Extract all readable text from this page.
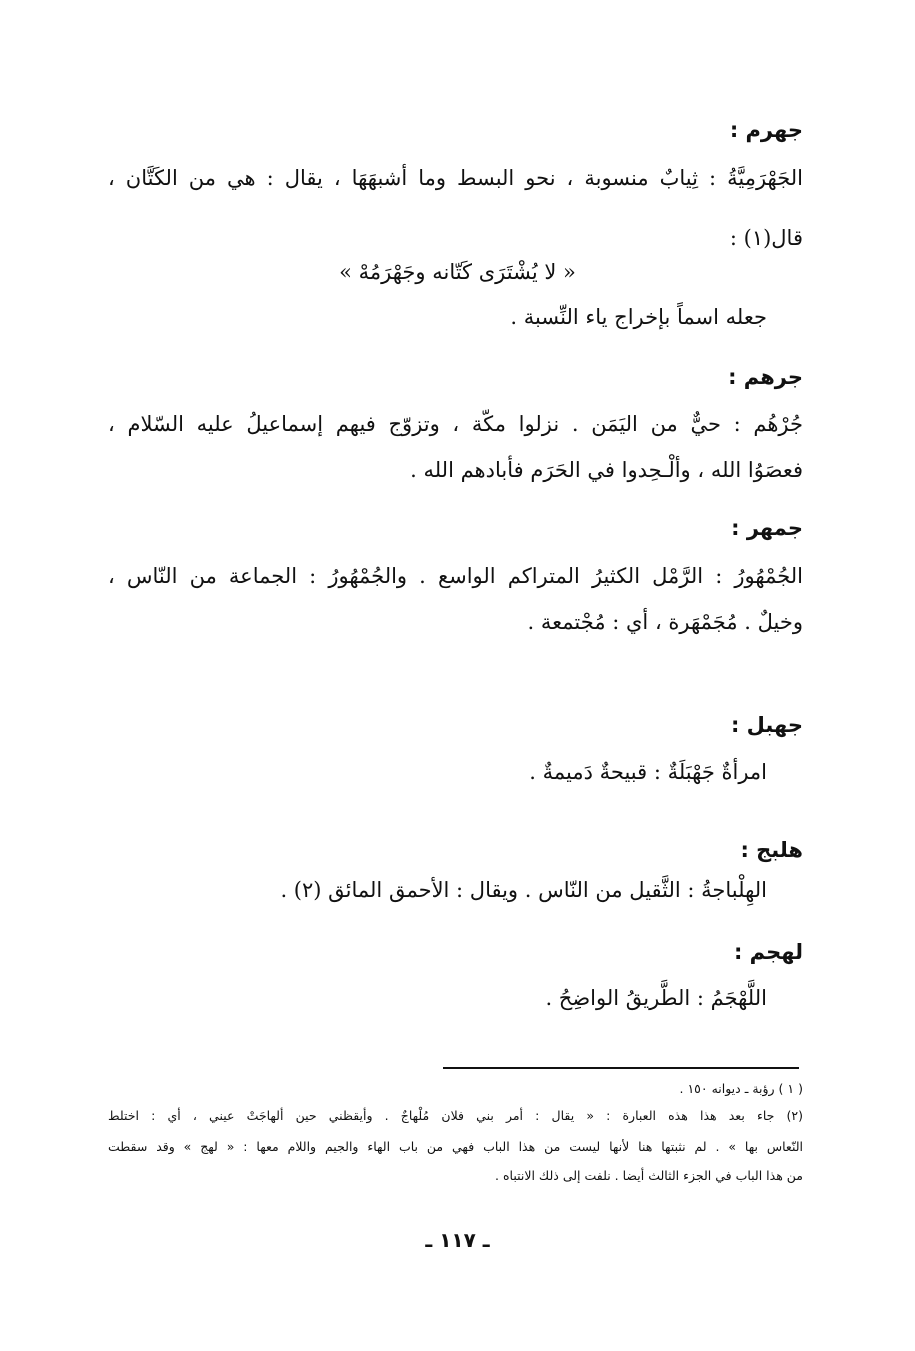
جهرم :
الجَهْرَمِيَّةُ : ثِيابٌ منسوبة ، نحو البسط وما أشبهَهَا ، يقال : هي من الكَتَّان ،
قال(١) :
« لا يُشْتَرَى كَتّانه وجَهْرَمُهْ »
جعله اسماً بإخراج ياء النِّسبة .
جرهم :
جُرْهُم : حيٌّ من اليَمَن . نزلوا مكّة ، وتزوّج فيهم إسماعيلُ عليه السّلام ،
فعصَوُا الله ، وألْـحِدوا في الحَرَم فأبادهم الله .
جمهر :
الجُمْهُورُ : الرَّمْل الكثيرُ المتراكم الواسع . والجُمْهُورُ : الجماعة من النّاس ،
وخيلٌ . مُجَمْهَرة ، أي : مُجْتمعة .
جهبل :
امرأةٌ جَهْبَلَةٌ : قبيحةٌ دَميمةٌ .
هلبج :
الهِلْباجةُ : الثَّقيل من النّاس . ويقال : الأحمق المائق (٢) .
لهجم :
اللَّهْجَمُ : الطَّريقُ الواضِحُ .
( ١ ) رؤبة ـ ديوانه ١٥٠ .
(٢) جاء بعد هذا هذه العبارة : « يقال : أمر بني فلان مُلْهاجٌ . وأيقظني حين ألهاجَتْ عيني ، أي : اختلط
النّعاس بها » . لم نثبتها هنا لأنها ليست من هذا الباب فهي من باب الهاء والجيم واللام معها : « لهج » وقد سقطت
من هذا الباب في الجزء الثالث أيضا . نلفت إلى ذلك الانتباه .
ـ ١١٧ ـ
